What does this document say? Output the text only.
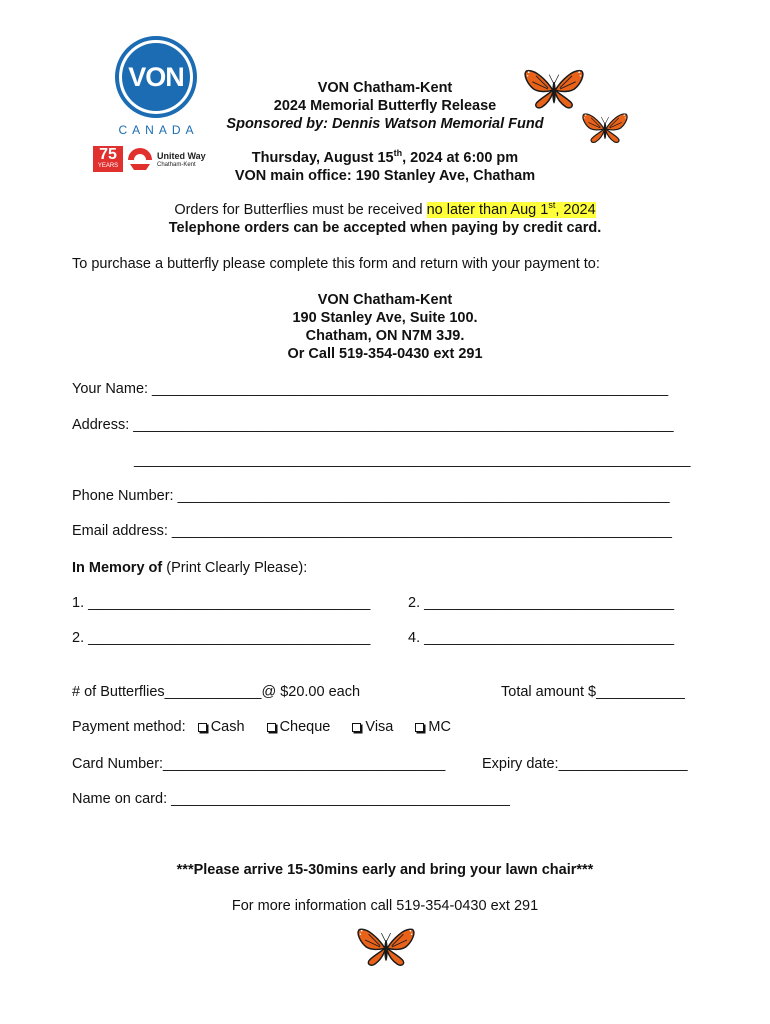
VON
CANADA
75
YEARS
United Way
Chatham-Kent
VON Chatham-Kent
2024 Memorial Butterfly Release
Sponsored by: Dennis Watson Memorial Fund
Thursday, August 15th, 2024 at 6:00 pm
VON main office: 190 Stanley Ave, Chatham
Orders for Butterflies must be received no later than Aug 1st, 2024
Telephone orders can be accepted when paying by credit card.
To purchase a butterfly please complete this form and return with your payment to:
VON Chatham-Kent
190 Stanley Ave, Suite 100.
Chatham, ON N7M 3J9.
Or Call 519-354-0430 ext 291
Your Name: ________________________________________________________________
Address: ___________________________________________________________________
_____________________________________________________________________
Phone Number: _____________________________________________________________
Email address: ______________________________________________________________
In Memory of (Print Clearly Please):
1. ___________________________________	2. _______________________________
2. ___________________________________	4. _______________________________
# of Butterflies____________@ $20.00 each	Total amount $___________
Payment method: Cash Cheque Visa MC
Card Number:___________________________________	Expiry date:________________
Name on card: __________________________________________
***Please arrive 15-30mins early and bring your lawn chair***
For more information call 519-354-0430 ext 291
